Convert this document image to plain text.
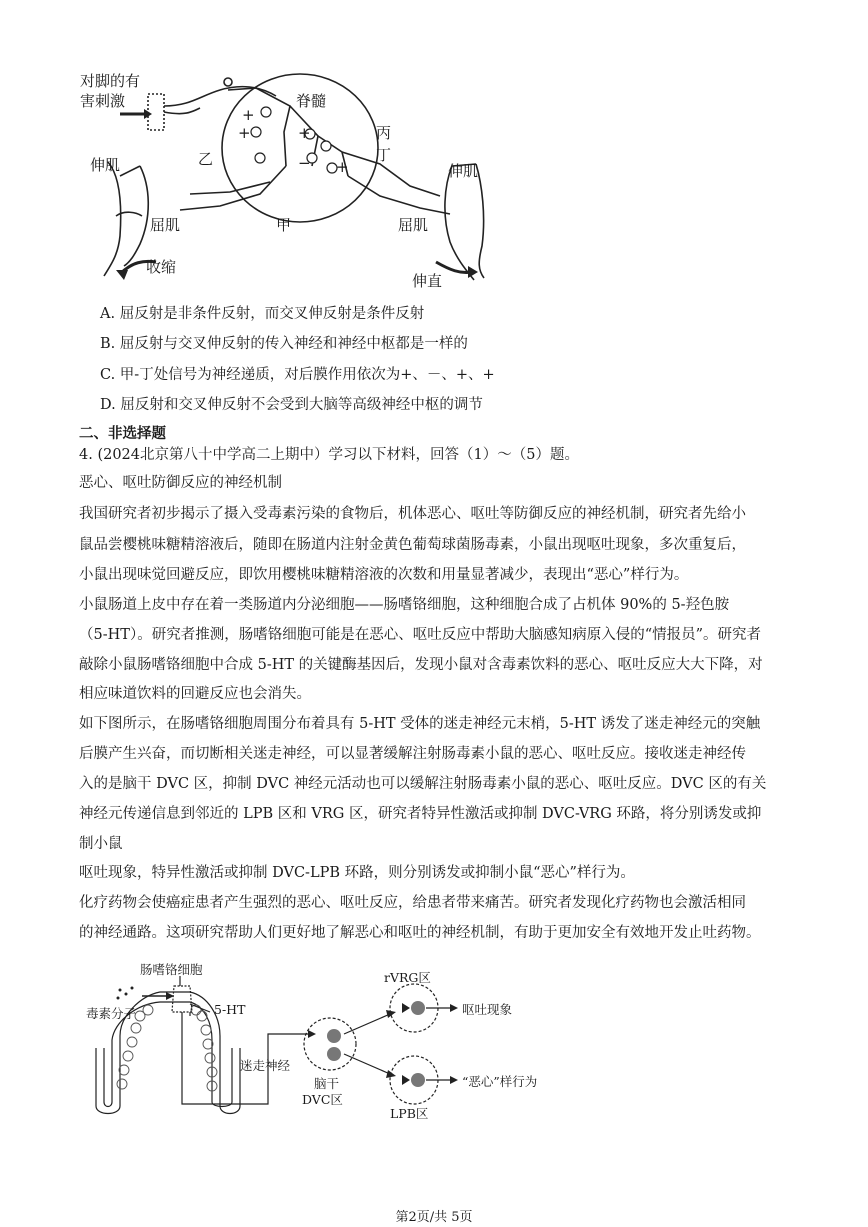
对脚的有
害刺激	脊髓
乙
甲
丙
丁
伸肌	伸肌
屈肌	屈肌
收缩
伸直
+
+	+
− +
A. 屈反射是非条件反射，而交叉伸反射是条件反射
B. 屈反射与交叉伸反射的传入神经和神经中枢都是一样的
C. 甲-丁处信号为神经递质，对后膜作用依次为+、－、+、+
D. 屈反射和交叉伸反射不会受到大脑等高级神经中枢的调节
二、非选择题
4. (2024北京第八十中学高二上期中）学习以下材料，回答（1）～（5）题。
恶心、呕吐防御反应的神经机制
我国研究者初步揭示了摄入受毒素污染的食物后，机体恶心、呕吐等防御反应的神经机制，研究者先给小
鼠品尝樱桃味糖精溶液后，随即在肠道内注射金黄色葡萄球菌肠毒素，小鼠出现呕吐现象，多次重复后，
小鼠出现味觉回避反应，即饮用樱桃味糖精溶液的次数和用量显著减少，表现出“恶心”样行为。
小鼠肠道上皮中存在着一类肠道内分泌细胞——肠嗜铬细胞，这种细胞合成了占机体 90%的 5-羟色胺
（5-HT）。研究者推测，肠嗜铬细胞可能是在恶心、呕吐反应中帮助大脑感知病原入侵的“情报员”。研究者
敲除小鼠肠嗜铬细胞中合成 5-HT 的关键酶基因后，发现小鼠对含毒素饮料的恶心、呕吐反应大大下降，对
相应味道饮料的回避反应也会消失。
如下图所示，在肠嗜铬细胞周围分布着具有 5-HT 受体的迷走神经元末梢，5-HT 诱发了迷走神经元的突触
后膜产生兴奋，而切断相关迷走神经，可以显著缓解注射肠毒素小鼠的恶心、呕吐反应。接收迷走神经传
入的是脑干 DVC 区，抑制 DVC 神经元活动也可以缓解注射肠毒素小鼠的恶心、呕吐反应。DVC 区的有关
神经元传递信息到邻近的 LPB 区和 VRG 区，研究者特异性激活或抑制 DVC-VRG 环路，将分别诱发或抑
制小鼠
呕吐现象，特异性激活或抑制 DVC-LPB 环路，则分别诱发或抑制小鼠“恶心”样行为。
化疗药物会使癌症患者产生强烈的恶心、呕吐反应，给患者带来痛苦。研究者发现化疗药物也会激活相同
的神经通路。这项研究帮助人们更好地了解恶心和呕吐的神经机制，有助于更加安全有效地开发止吐药物。
肠嗜铬细胞
毒素分子	5-HT
迷走神经
脑干
DVC区
rVRG区
LPB区
呕吐现象
“恶心”样行为
第2页/共 5页
